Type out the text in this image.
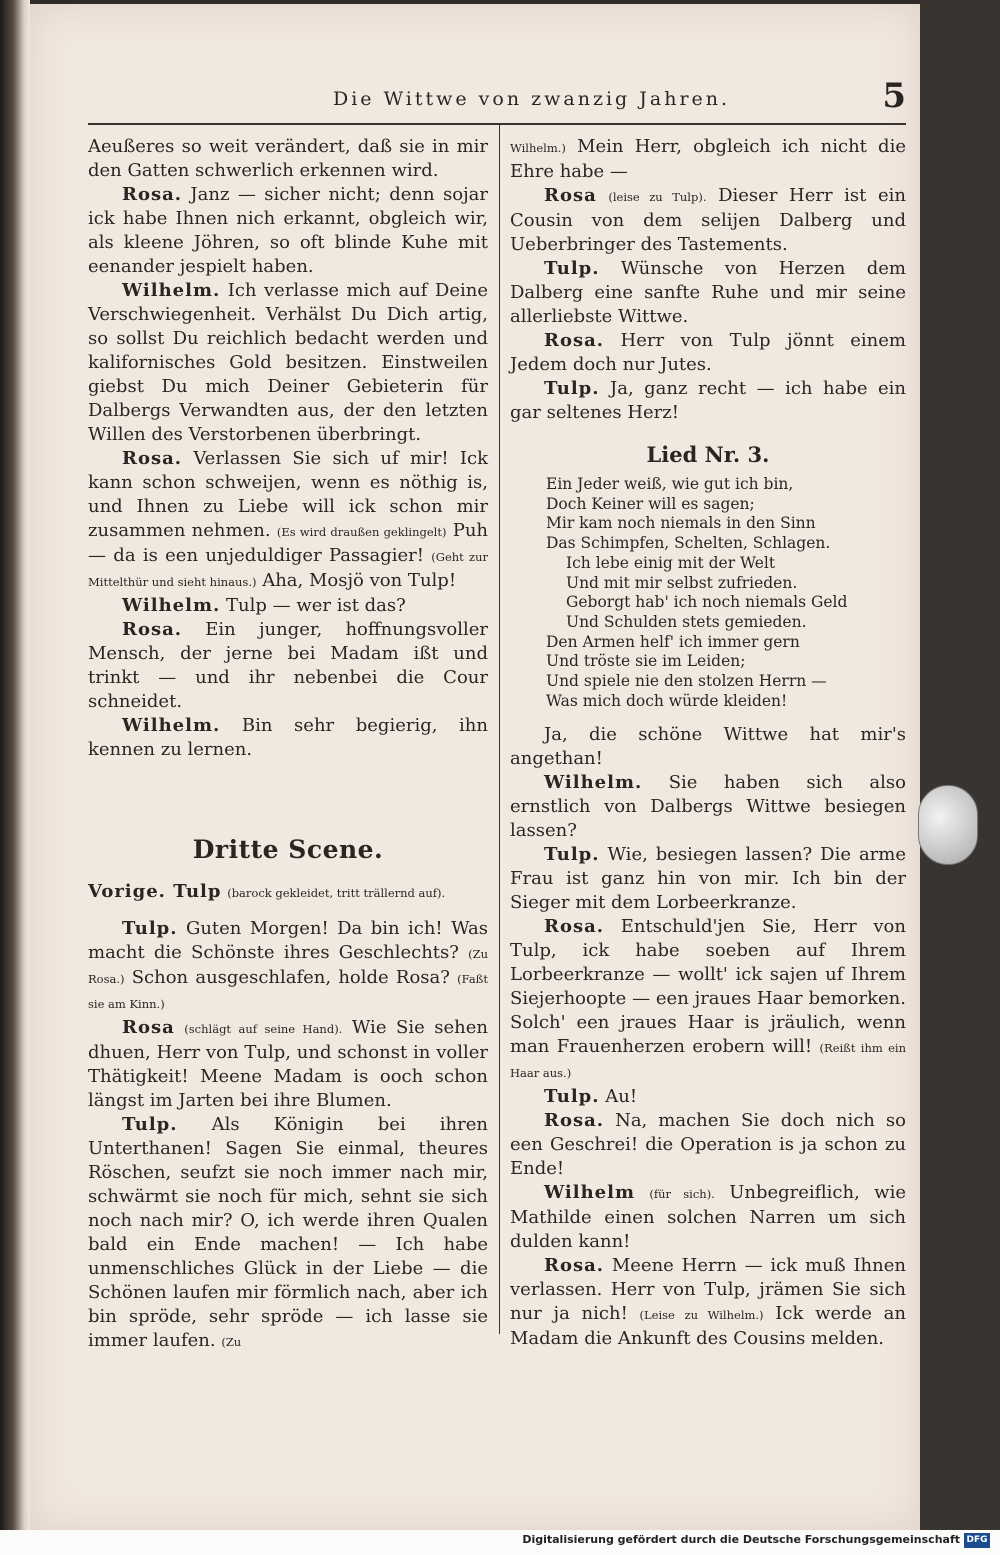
Die Wittwe von zwanzig Jahren.	5

Aeußeres so weit verändert, daß sie in mir den Gatten schwerlich erkennen wird.

Rosa. Janz — sicher nicht; denn sojar ick habe Ihnen nich erkannt, obgleich wir, als kleene Jöhren, so oft blinde Kuhe mit eenander jespielt haben.

Wilhelm. Ich verlasse mich auf Deine Verschwiegenheit. Verhälst Du Dich artig, so sollst Du reichlich bedacht werden und kalifornisches Gold besitzen. Einstweilen giebst Du mich Deiner Gebieterin für Dalbergs Verwandten aus, der den letzten Willen des Verstorbenen überbringt.

Rosa. Verlassen Sie sich uf mir! Ick kann schon schweijen, wenn es nöthig is, und Ihnen zu Liebe will ick schon mir zusammen nehmen. (Es wird draußen geklingelt) Puh — da is een unjeduldiger Passagier! (Geht zur Mittelthür und sieht hinaus.) Aha, Mosjö von Tulp!

Wilhelm. Tulp — wer ist das?

Rosa. Ein junger, hoffnungsvoller Mensch, der jerne bei Madam ißt und trinkt — und ihr nebenbei die Cour schneidet.

Wilhelm. Bin sehr begierig, ihn kennen zu lernen.

Dritte Scene.

Vorige. Tulp (barock gekleidet, tritt trällernd auf).

Tulp. Guten Morgen! Da bin ich! Was macht die Schönste ihres Geschlechts? (Zu Rosa.) Schon ausgeschlafen, holde Rosa? (Faßt sie am Kinn.)

Rosa (schlägt auf seine Hand). Wie Sie sehen dhuen, Herr von Tulp, und schonst in voller Thätigkeit! Meene Madam is ooch schon längst im Jarten bei ihre Blumen.

Tulp. Als Königin bei ihren Unterthanen! Sagen Sie einmal, theures Röschen, seufzt sie noch immer nach mir, schwärmt sie noch für mich, sehnt sie sich noch nach mir? O, ich werde ihren Qualen bald ein Ende machen! — Ich habe unmenschliches Glück in der Liebe — die Schönen laufen mir förmlich nach, aber ich bin spröde, sehr spröde — ich lasse sie immer laufen. (Zu

Wilhelm.) Mein Herr, obgleich ich nicht die Ehre habe —

Rosa (leise zu Tulp). Dieser Herr ist ein Cousin von dem selijen Dalberg und Ueberbringer des Tastements.

Tulp. Wünsche von Herzen dem Dalberg eine sanfte Ruhe und mir seine allerliebste Wittwe.

Rosa. Herr von Tulp jönnt einem Jedem doch nur Jutes.

Tulp. Ja, ganz recht — ich habe ein gar seltenes Herz!

Lied Nr. 3.
Ein Jeder weiß, wie gut ich bin,
Doch Keiner will es sagen;
Mir kam noch niemals in den Sinn
Das Schimpfen, Schelten, Schlagen.
Ich lebe einig mit der Welt
Und mit mir selbst zufrieden.
Geborgt hab' ich noch niemals Geld
Und Schulden stets gemieden.
Den Armen helf' ich immer gern
Und tröste sie im Leiden;
Und spiele nie den stolzen Herrn —
Was mich doch würde kleiden!

Ja, die schöne Wittwe hat mir's angethan!

Wilhelm. Sie haben sich also ernstlich von Dalbergs Wittwe besiegen lassen?

Tulp. Wie, besiegen lassen? Die arme Frau ist ganz hin von mir. Ich bin der Sieger mit dem Lorbeerkranze.

Rosa. Entschuld'jen Sie, Herr von Tulp, ick habe soeben auf Ihrem Lorbeerkranze — wollt' ick sajen uf Ihrem Siejerhoopte — een jraues Haar bemorken. Solch' een jraues Haar is jräulich, wenn man Frauenherzen erobern will! (Reißt ihm ein Haar aus.)

Tulp. Au!

Rosa. Na, machen Sie doch nich so een Geschrei! die Operation is ja schon zu Ende!

Wilhelm (für sich). Unbegreiflich, wie Mathilde einen solchen Narren um sich dulden kann!

Rosa. Meene Herrn — ick muß Ihnen verlassen. Herr von Tulp, jrämen Sie sich nur ja nich! (Leise zu Wilhelm.) Ick werde an Madam die Ankunft des Cousins melden.

Digitalisierung gefördert durch die Deutsche Forschungsgemeinschaft DFG
